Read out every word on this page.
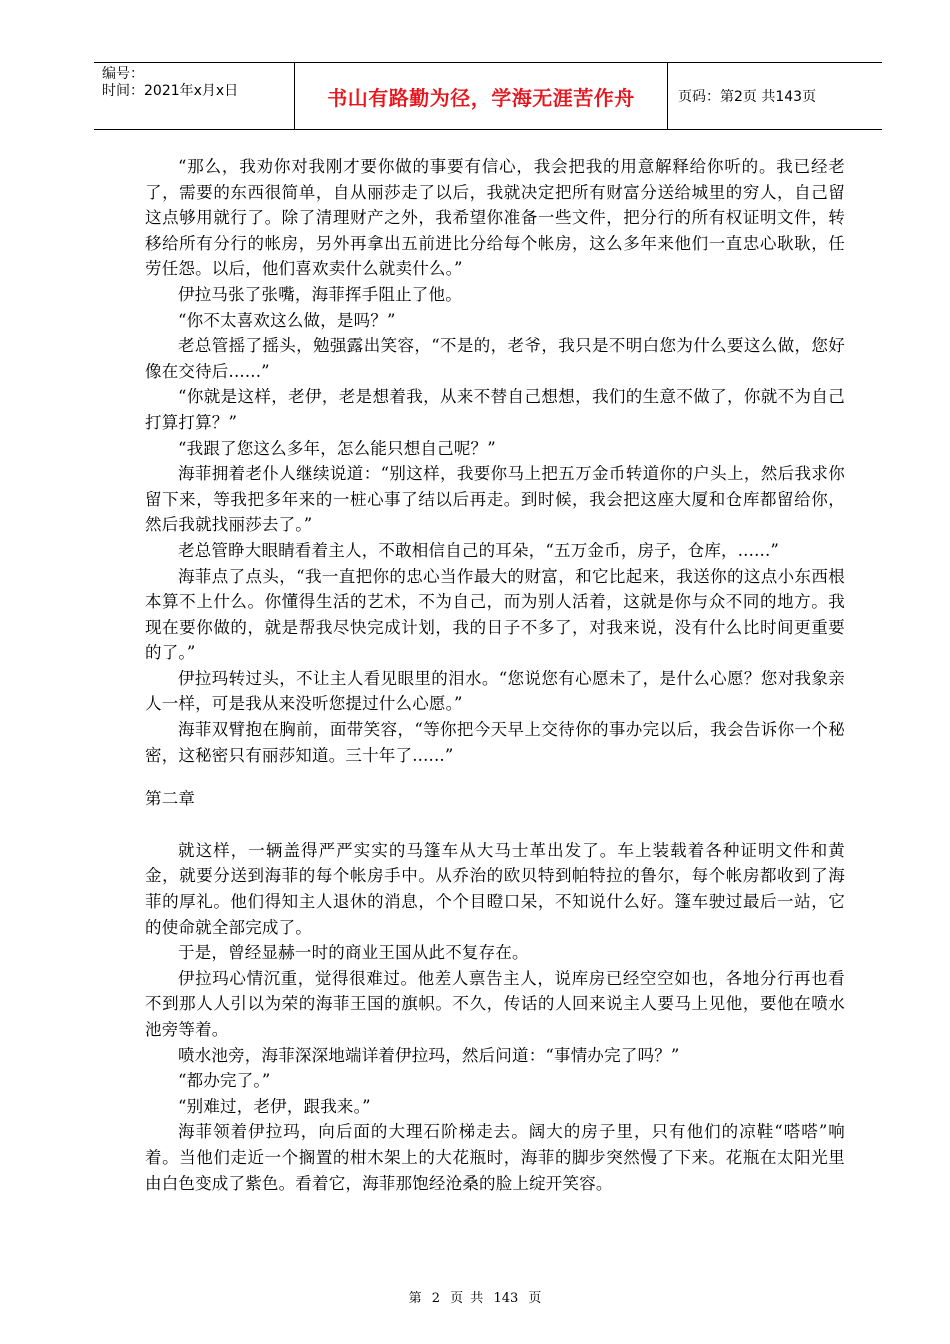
编号：
时间：2021年x月x日	书山有路勤为径，学海无涯苦作舟	页码：第2页 共143页

“那么，我劝你对我刚才要你做的事要有信心，我会把我的用意解释给你听的。我已经老了，需要的东西很简单，自从丽莎走了以后，我就决定把所有财富分送给城里的穷人，自己留这点够用就行了。除了清理财产之外，我希望你准备一些文件，把分行的所有权证明文件，转移给所有分行的帐房，另外再拿出五前进比分给每个帐房，这么多年来他们一直忠心耿耿，任劳任怨。以后，他们喜欢卖什么就卖什么。”

伊拉马张了张嘴，海菲挥手阻止了他。

“你不太喜欢这么做，是吗？”

老总管摇了摇头，勉强露出笑容，“不是的，老爷，我只是不明白您为什么要这么做，您好像在交待后......”

“你就是这样，老伊，老是想着我，从来不替自己想想，我们的生意不做了，你就不为自己打算打算？”

“我跟了您这么多年，怎么能只想自己呢？”

海菲拥着老仆人继续说道：“别这样，我要你马上把五万金币转道你的户头上，然后我求你留下来，等我把多年来的一桩心事了结以后再走。到时候，我会把这座大厦和仓库都留给你，然后我就找丽莎去了。”

老总管睁大眼睛看着主人，不敢相信自己的耳朵，“五万金币，房子，仓库，......”

海菲点了点头，“我一直把你的忠心当作最大的财富，和它比起来，我送你的这点小东西根本算不上什么。你懂得生活的艺术，不为自己，而为别人活着，这就是你与众不同的地方。我现在要你做的，就是帮我尽快完成计划，我的日子不多了，对我来说，没有什么比时间更重要的了。”

伊拉玛转过头，不让主人看见眼里的泪水。“您说您有心愿未了，是什么心愿？您对我象亲人一样，可是我从来没听您提过什么心愿。”

海菲双臂抱在胸前，面带笑容，“等你把今天早上交待你的事办完以后，我会告诉你一个秘密，这秘密只有丽莎知道。三十年了......”

第二章

就这样，一辆盖得严严实实的马篷车从大马士革出发了。车上装载着各种证明文件和黄金，就要分送到海菲的每个帐房手中。从乔治的欧贝特到帕特拉的鲁尔，每个帐房都收到了海菲的厚礼。他们得知主人退休的消息，个个目瞪口呆，不知说什么好。篷车驶过最后一站，它的使命就全部完成了。

于是，曾经显赫一时的商业王国从此不复存在。

伊拉玛心情沉重，觉得很难过。他差人禀告主人，说库房已经空空如也，各地分行再也看不到那人人引以为荣的海菲王国的旗帜。不久，传话的人回来说主人要马上见他，要他在喷水池旁等着。

喷水池旁，海菲深深地端详着伊拉玛，然后问道：“事情办完了吗？”

“都办完了。”

“别难过，老伊，跟我来。”

海菲领着伊拉玛，向后面的大理石阶梯走去。阔大的房子里，只有他们的凉鞋“嗒嗒”响着。当他们走近一个搁置的柑木架上的大花瓶时，海菲的脚步突然慢了下来。花瓶在太阳光里由白色变成了紫色。看着它，海菲那饱经沧桑的脸上绽开笑容。

第 2 页 共 143 页
